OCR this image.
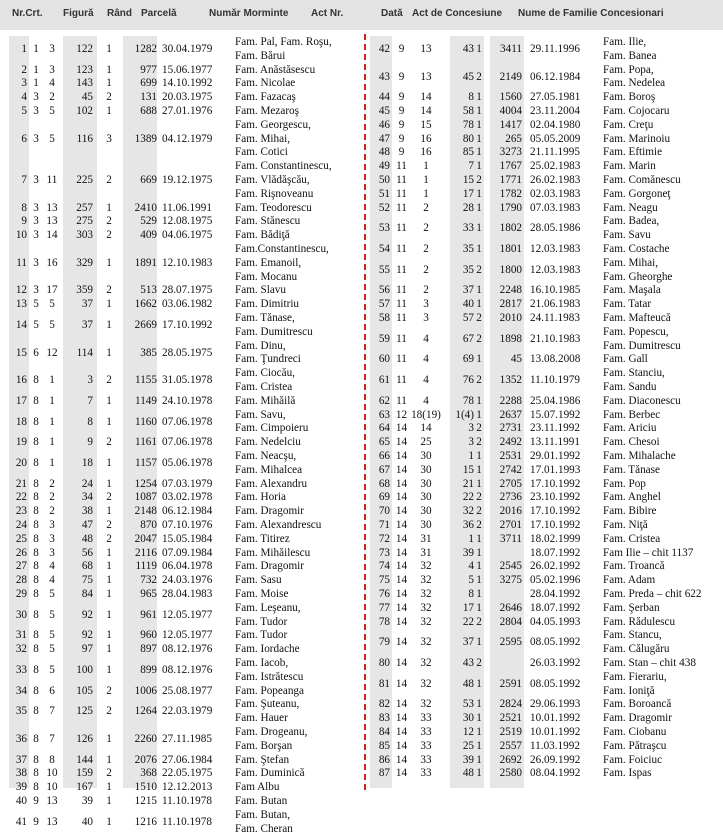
Nr.Crt. Figură Rând Parcelă	Număr Morminte Act Nr.	Dată Act de Concesiune Nume de Familie Concesionari
1 1 3	122	1	1282 30.04.1979
Fam. Pal, Fam. Roşu,
Fam. Bărui
2 1 3	123	1	977 15.06.1977	Fam. Anăstăsescu
3 1 4	143	1	699 14.10.1992	Fam. Nicolae
4 3 2	45	2	131 20.03.1975	Fam. Fazacaş
5 3 5	102	1	688 27.01.1976	Fam. Mezaroş
6 3 5	116	3	1389 04.12.1979
Fam. Georgescu,
Fam. Mihai,
Fam. Cotici
7 3 11	225	2	669 19.12.1975
Fam. Constantinescu,
Fam. Vlădăşcău,
Fam. Rişnoveanu
8 3 13	257	1	2410 11.06.1991	Fam. Teodorescu
9 3 13	275	2	529 12.08.1975	Fam. Stănescu
10 3 14	303	2	409 04.06.1975	Fam. Bădiţă
11 3 16	329	1	1891 12.10.1983
Fam.Constantinescu,
Fam. Emanoil,
Fam. Mocanu
12 3 17	359	2	513 28.07.1975	Fam. Slavu
13 5 5	37	1	1662 03.06.1982	Fam. Dimitriu
14 5 5	37	1	2669 17.10.1992
Fam. Tănase,
Fam. Dumitrescu
15 6 12	114	1	385 28.05.1975
Fam. Dinu,
Fam. Ţundreci
16 8 1	3	2	1155 31.05.1978
Fam. Ciocău,
Fam. Cristea
17 8 1	7	1	1149 24.10.1978	Fam. Mihăilă
18 8 1	8	1	1160 07.06.1978
Fam. Savu,
Fam. Cimpoieru
19 8 1	9	2	1161 07.06.1978	Fam. Nedelciu
20 8 1	18	1	1157 05.06.1978
Fam. Neacşu,
Fam. Mihalcea
21 8 2	24	1	1254 07.03.1979	Fam. Alexandru
22 8 2	34	2	1087 03.02.1978	Fam. Horia
23 8 2	38	1	2148 06.12.1984	Fam. Dragomir
24 8 3	47	2	870 07.10.1976	Fam. Alexandrescu
25 8 3	48	2	2047 15.05.1984	Fam. Titirez
26 8 3	56	1	2116 07.09.1984	Fam. Mihăilescu
27 8 4	68	1	1119 06.04.1978	Fam. Dragomir
28 8 4	75	1	732 24.03.1976	Fam. Sasu
29 8 5	84	1	965 28.04.1983	Fam. Moise
30 8 5	92	1	961 12.05.1977
Fam. Leşeanu,
Fam. Tudor
31 8 5	92	1	960 12.05.1977	Fam. Tudor
32 8 5	97	1	897 08.12.1976	Fam. Iordache
33 8 5	100	1	899 08.12.1976
Fam. Iacob,
Fam. Istrătescu
34 8 6	105	2	1006 25.08.1977	Fam. Popeanga
35 8 7	125	2	1264 22.03.1979
Fam. Şuteanu,
Fam. Hauer
36 8 7	126	1	2260 27.11.1985
Fam. Drogeanu,
Fam. Borşan
37 8 8	144	1	2076 27.06.1984	Fam. Ştefan
38 8 10	159	2	368 22.05.1975	Fam. Duminică
39 8 10	167	1	1510 12.12.2013	Fam Albu
40 9 13	39	1	1215 11.10.1978	Fam. Butan
41 9 13	40	1	1216 11.10.1978
Fam. Butan,
Fam. Cheran
42 9	13	43 1	3411 29.11.1996
Fam. Ilie,
Fam. Banea
43 9	13	45 2	2149 06.12.1984
Fam. Popa,
Fam. Nedelea
44 9	14	8 1	1560 27.05.1981	Fam. Boroş
45 9	14	58 1	4004 23.11.2004	Fam. Cojocaru
46 9	15	78 1	1417 02.04.1980	Fam. Creţu
47 9	16	80 1	265 05.05.2009	Fam. Marinoiu
48 9	16	85 1	3273 21.11.1995	Fam. Eftimie
49 11	1	7 1	1767 25.02.1983	Fam. Marin
50 11	1	15 2	1771 26.02.1983	Fam. Comănescu
51 11	1	17 1	1782 02.03.1983	Fam. Gorgoneţ
52 11	2	28 1	1790 07.03.1983	Fam. Neagu
53 11	2	33 1	1802 28.05.1986
Fam. Badea,
Fam. Savu
54 11	2	35 1	1801 12.03.1983	Fam. Costache
55 11	2	35 2	1800 12.03.1983
Fam. Mihai,
Fam. Gheorghe
56 11	2	37 1	2248 16.10.1985	Fam. Maşala
57 11	3	40 1	2817 21.06.1983	Fam. Tatar
58 11	3	57 2	2010 24.11.1983	Fam. Mafteucă
59 11	4	67 2	1898 21.10.1983
Fam. Popescu,
Fam. Dumitrescu
60 11	4	69 1	45 13.08.2008	Fam. Gall
61 11	4	76 2	1352 11.10.1979
Fam. Stanciu,
Fam. Sandu
62 11	4	78 1	2288 25.04.1986	Fam. Diaconescu
63 12 18(19)	1(4) 1	2637 15.07.1992	Fam. Berbec
64 14	14	3 2	2731 23.11.1992	Fam. Ariciu
65 14	25	3 2	2492 13.11.1991	Fam. Chesoi
66 14	30	1 1	2531 29.01.1992	Fam. Mihalache
67 14	30	15 1	2742 17.01.1993	Fam. Tănase
68 14	30	21 1	2705 17.10.1992	Fam. Pop
69 14	30	22 2	2736 23.10.1992	Fam. Anghel
70 14	30	32 2	2016 17.10.1992	Fam. Bibire
71 14	30	36 2	2701 17.10.1992	Fam. Niţă
72 14	31	1 1	3711 18.02.1999	Fam. Cristea
73 14	31	39 1	18.07.1992	Fam Ilie – chit 1137
74 14	32	4 1	2545 26.02.1992	Fam. Troancă
75 14	32	5 1	3275 05.02.1996	Fam. Adam
76 14	32	8 1	28.04.1992	Fam. Preda – chit 622
77 14	32	17 1	2646 18.07.1992	Fam. Şerban
78 14	32	22 2	2804 04.05.1993	Fam. Rădulescu
79 14	32	37 1	2595 08.05.1992
Fam. Stancu,
Fam. Călugăru
80 14	32	43 2	26.03.1992	Fam. Stan – chit 438
81 14	32	48 1	2591 08.05.1992
Fam. Fierariu,
Fam. Ioniţă
82 14	32	53 1	2824 29.06.1993	Fam. Boroancă
83 14	33	30 1	2521 10.01.1992	Fam. Dragomir
84 14	33	12 1	2519 10.01.1992	Fam. Ciobanu
85 14	33	25 1	2557 11.03.1992	Fam. Pătraşcu
86 14	33	39 1	2692 26.09.1992	Fam. Foiciuc
87 14	33	48 1	2580 08.04.1992	Fam. Ispas
